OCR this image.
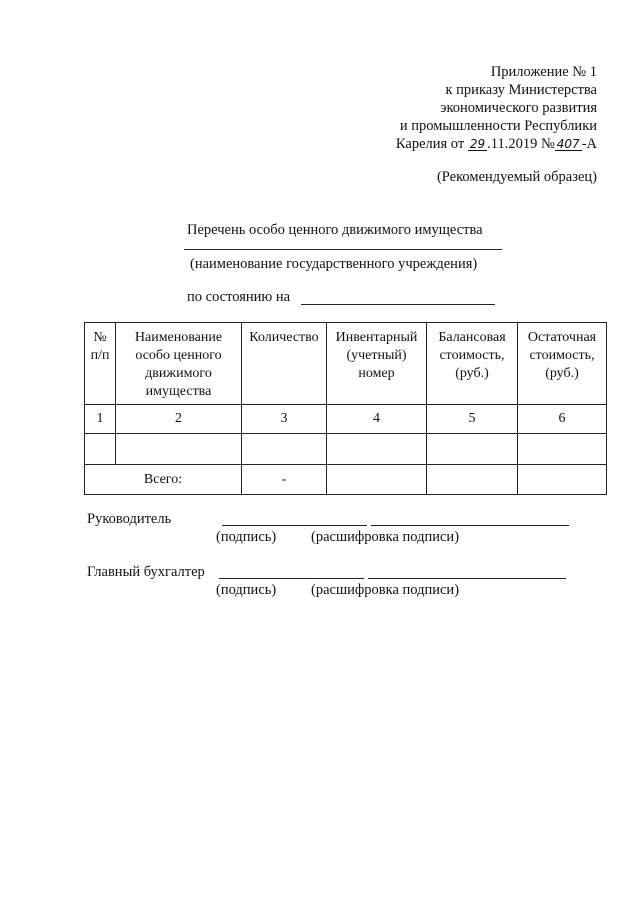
Приложение № 1
к приказу Министерства
экономического развития
и промышленности Республики
Карелия от 29 .11.2019 № 407 -А
(Рекомендуемый образец)
Перечень особо ценного движимого имущества
(наименование государственного учреждения)
по состоянию на
№ п/п	Наименование особо ценного движимого имущества	Количество	Инвентарный (учетный) номер	Балансовая стоимость, (руб.)	Остаточная стоимость, (руб.)
1	2	3	4	5	6

Всего:		-			
Руководитель
(подпись) (расшифровка подписи)
Главный бухгалтер
(подпись) (расшифровка подписи)
